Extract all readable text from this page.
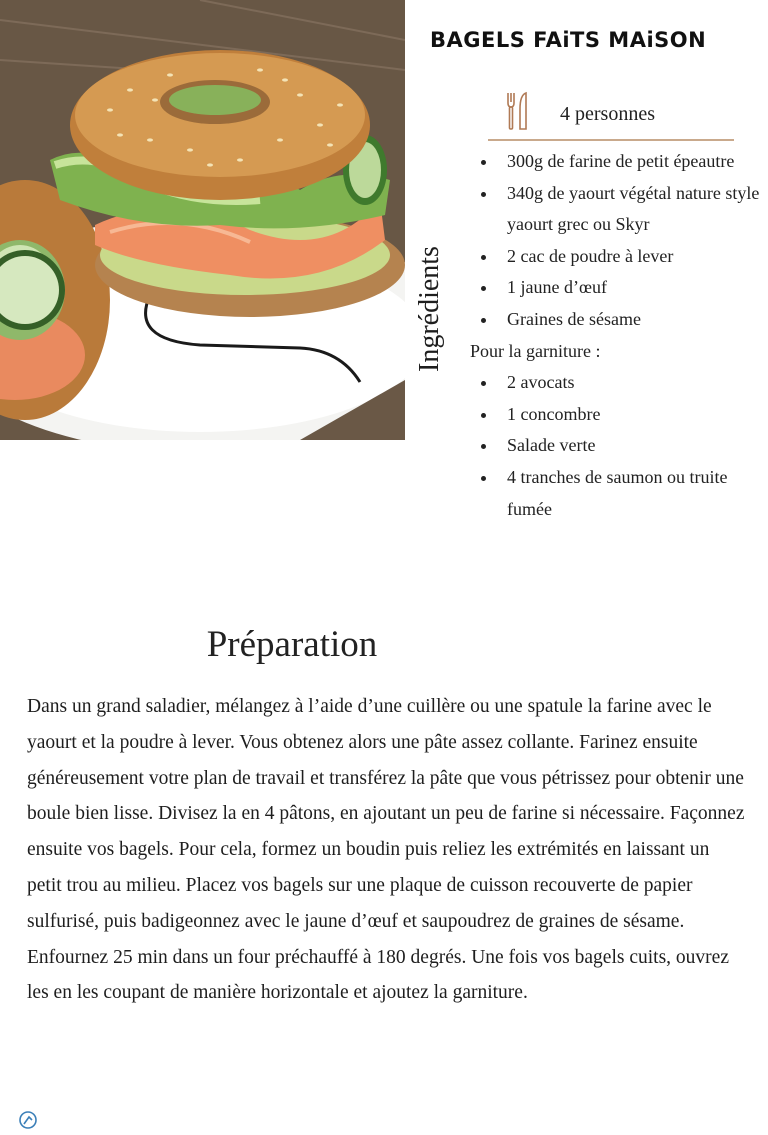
BAGELS FAiTS MAiSON
4 personnes
Ingrédients
300g de farine de petit épeautre
340g de yaourt végétal nature style yaourt grec ou Skyr
2 cac de poudre à lever
1 jaune d’œuf
Graines de sésame
Pour la garniture :
2 avocats
1 concombre
Salade verte
4 tranches de saumon ou truite fumée
Préparation

Dans un grand saladier, mélangez à l’aide d’une cuillère ou une spatule la farine avec le yaourt et la poudre à lever. Vous obtenez alors une pâte assez collante. Farinez ensuite généreusement votre plan de travail et transférez la pâte que vous pétrissez pour obtenir une boule bien lisse. Divisez la en 4 pâtons, en ajoutant un peu de farine si nécessaire. Façonnez ensuite vos bagels. Pour cela, formez un boudin puis reliez les extrémités en laissant un petit trou au milieu. Placez vos bagels sur une plaque de cuisson recouverte de papier sulfurisé, puis badigeonnez avec le jaune d’œuf et saupoudrez de graines de sésame. Enfournez 25 min dans un four préchauffé à 180 degrés. Une fois vos bagels cuits, ouvrez les en les coupant de manière horizontale et ajoutez la garniture.
